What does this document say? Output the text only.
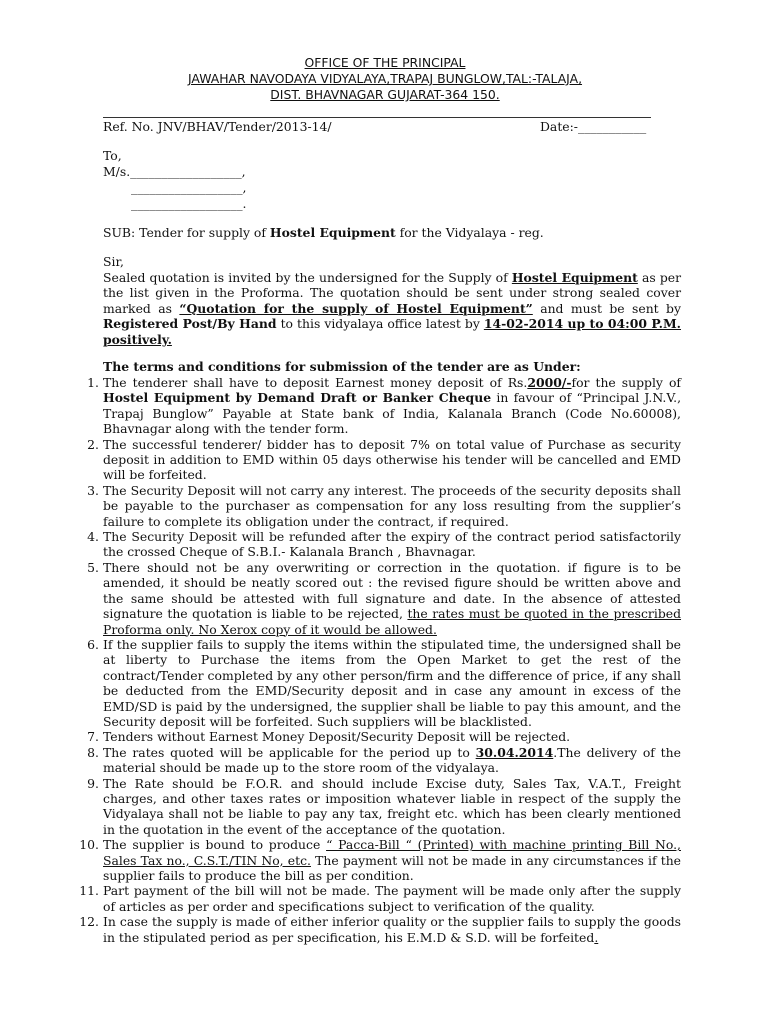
OFFICE OF THE PRINCIPAL
JAWAHAR NAVODAYA VIDYALAYA,TRAPAJ BUNGLOW,TAL:-TALAJA,
DIST. BHAVNAGAR GUJARAT-364 150.
Ref. No. JNV/BHAV/Tender/2013-14/	Date:-___________
To,
M/s.__________________,
__________________,
__________________.
SUB: Tender for supply of Hostel Equipment for the Vidyalaya - reg.
Sir,
Sealed quotation is invited by the undersigned for the Supply of Hostel Equipment as per the list given in the Proforma. The quotation should be sent under strong sealed cover marked as “Quotation for the supply of Hostel Equipment” and must be sent by Registered Post/By Hand to this vidyalaya office latest by 14-02-2014 up to 04:00 P.M. positively.
The terms and conditions for submission of the tender are as Under:
1. The tenderer shall have to deposit Earnest money deposit of Rs.2000/-for the supply of Hostel Equipment by Demand Draft or Banker Cheque in favour of “Principal J.N.V., Trapaj Bunglow” Payable at State bank of India, Kalanala Branch (Code No.60008), Bhavnagar along with the tender form.
2. The successful tenderer/ bidder has to deposit 7% on total value of Purchase as security deposit in addition to EMD within 05 days otherwise his tender will be cancelled and EMD will be forfeited.
3. The Security Deposit will not carry any interest. The proceeds of the security deposits shall be payable to the purchaser as compensation for any loss resulting from the supplier’s failure to complete its obligation under the contract, if required.
4. The Security Deposit will be refunded after the expiry of the contract period satisfactorily the crossed Cheque of S.B.I.- Kalanala Branch , Bhavnagar.
5. There should not be any overwriting or correction in the quotation. if figure is to be amended, it should be neatly scored out : the revised figure should be written above and the same should be attested with full signature and date. In the absence of attested signature the quotation is liable to be rejected, the rates must be quoted in the prescribed Proforma only. No Xerox copy of it would be allowed.
6. If the supplier fails to supply the items within the stipulated time, the undersigned shall be at liberty to Purchase the items from the Open Market to get the rest of the contract/Tender completed by any other person/firm and the difference of price, if any shall be deducted from the EMD/Security deposit and in case any amount in excess of the EMD/SD is paid by the undersigned, the supplier shall be liable to pay this amount, and the Security deposit will be forfeited. Such suppliers will be blacklisted.
7. Tenders without Earnest Money Deposit/Security Deposit will be rejected.
8. The rates quoted will be applicable for the period up to 30.04.2014.The delivery of the material should be made up to the store room of the vidyalaya.
9. The Rate should be F.O.R. and should include Excise duty, Sales Tax, V.A.T., Freight charges, and other taxes rates or imposition whatever liable in respect of the supply the Vidyalaya shall not be liable to pay any tax, freight etc. which has been clearly mentioned in the quotation in the event of the acceptance of the quotation.
10. The supplier is bound to produce “ Pacca-Bill “ (Printed) with machine printing Bill No., Sales Tax no., C.S.T./TIN No, etc. The payment will not be made in any circumstances if the supplier fails to produce the bill as per condition.
11. Part payment of the bill will not be made. The payment will be made only after the supply of articles as per order and specifications subject to verification of the quality.
12. In case the supply is made of either inferior quality or the supplier fails to supply the goods in the stipulated period as per specification, his E.M.D & S.D. will be forfeited.
